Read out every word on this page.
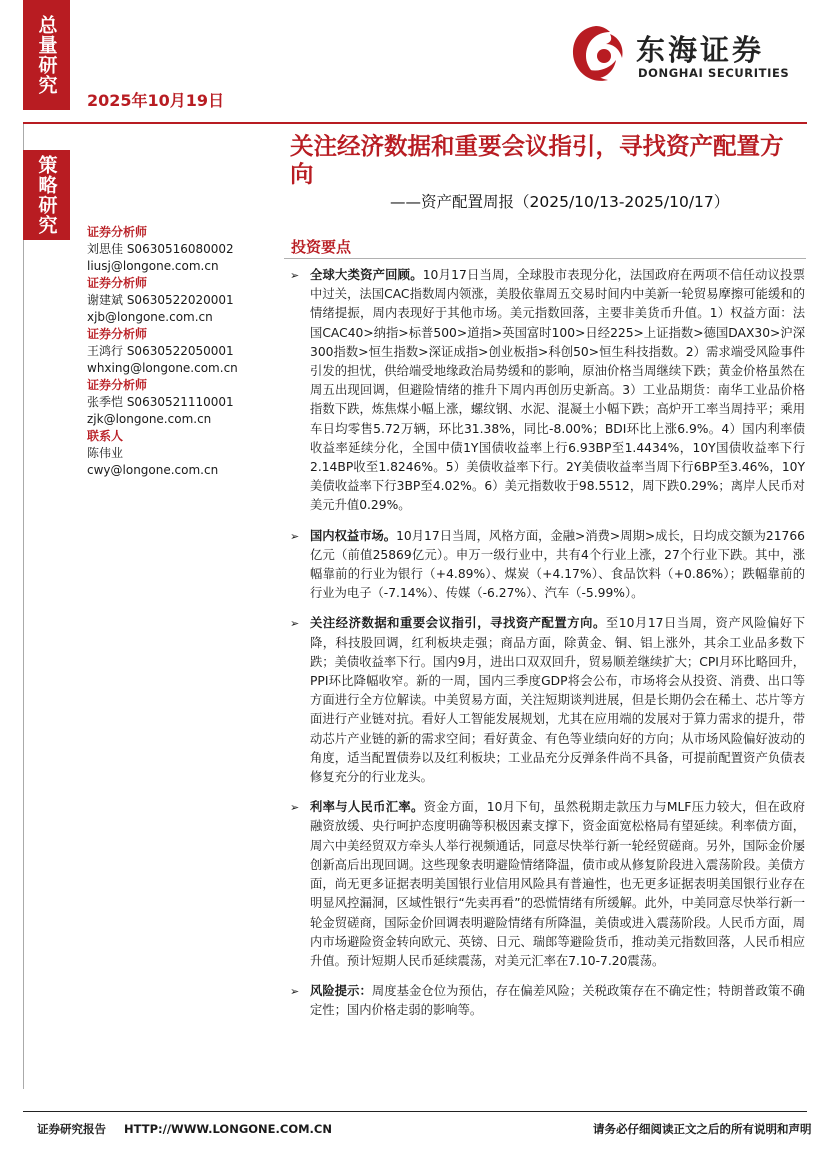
总量研究
2025年10月19日
策略研究
东海证券
DONGHAI SECURITIES
关注经济数据和重要会议指引，寻找资产配置方向
——资产配置周报（2025/10/13-2025/10/17）
证券分析师
刘思佳 S0630516080002
liusj@longone.com.cn
证券分析师
谢建斌 S0630522020001
xjb@longone.com.cn
证券分析师
王鸿行 S0630522050001
whxing@longone.com.cn
证券分析师
张季恺 S0630521110001
zjk@longone.com.cn
联系人
陈伟业
cwy@longone.com.cn
投资要点
➢ 全球大类资产回顾。10月17日当周，全球股市表现分化，法国政府在两项不信任动议投票中过关，法国CAC指数周内领涨，美股依靠周五交易时间内中美新一轮贸易摩擦可能缓和的情绪提振，周内表现好于其他市场。美元指数回落，主要非美货币升值。1）权益方面：法国CAC40>纳指>标普500>道指>英国富时100>日经225>上证指数>德国DAX30>沪深300指数>恒生指数>深证成指>创业板指>科创50>恒生科技指数。2）需求端受风险事件引发的担忧，供给端受地缘政治局势缓和的影响，原油价格当周继续下跌；黄金价格虽然在周五出现回调，但避险情绪的推升下周内再创历史新高。3）工业品期货：南华工业品价格指数下跌，炼焦煤小幅上涨，螺纹钢、水泥、混凝土小幅下跌；高炉开工率当周持平；乘用车日均零售5.72万辆，环比31.38%，同比-8.00%；BDI环比上涨6.9%。4）国内利率债收益率延续分化，全国中债1Y国债收益率上行6.93BP至1.4434%，10Y国债收益率下行2.14BP收至1.8246%。5）美债收益率下行。2Y美债收益率当周下行6BP至3.46%，10Y美债收益率下行3BP至4.02%。6）美元指数收于98.5512，周下跌0.29%；离岸人民币对美元升值0.29%。
➢ 国内权益市场。10月17日当周，风格方面，金融>消费>周期>成长，日均成交额为21766亿元（前值25869亿元）。申万一级行业中，共有4个行业上涨，27个行业下跌。其中，涨幅靠前的行业为银行（+4.89%）、煤炭（+4.17%）、食品饮料（+0.86%）；跌幅靠前的行业为电子（-7.14%）、传媒（-6.27%）、汽车（-5.99%）。
➢ 关注经济数据和重要会议指引，寻找资产配置方向。至10月17日当周，资产风险偏好下降，科技股回调，红利板块走强；商品方面，除黄金、铜、铝上涨外，其余工业品多数下跌；美债收益率下行。国内9月，进出口双双回升，贸易顺差继续扩大；CPI月环比略回升，PPI环比降幅收窄。新的一周，国内三季度GDP将会公布，市场将会从投资、消费、出口等方面进行全方位解读。中美贸易方面，关注短期谈判进展，但是长期仍会在稀土、芯片等方面进行产业链对抗。看好人工智能发展规划，尤其在应用端的发展对于算力需求的提升，带动芯片产业链的新的需求空间；看好黄金、有色等业绩向好的方向；从市场风险偏好波动的角度，适当配置债券以及红利板块；工业品充分反弹条件尚不具备，可提前配置资产负债表修复充分的行业龙头。
➢ 利率与人民币汇率。资金方面，10月下旬，虽然税期走款压力与MLF压力较大，但在政府融资放缓、央行呵护态度明确等积极因素支撑下，资金面宽松格局有望延续。利率债方面，周六中美经贸双方牵头人举行视频通话，同意尽快举行新一轮经贸磋商。另外，国际金价屡创新高后出现回调。这些现象表明避险情绪降温，债市或从修复阶段进入震荡阶段。美债方面，尚无更多证据表明美国银行业信用风险具有普遍性，也无更多证据表明美国银行业存在明显风控漏洞，区域性银行“先卖再看”的恐慌情绪有所缓解。此外，中美同意尽快举行新一轮金贸磋商，国际金价回调表明避险情绪有所降温，美债或进入震荡阶段。人民币方面，周内市场避险资金转向欧元、英镑、日元、瑞郎等避险货币，推动美元指数回落，人民币相应升值。预计短期人民币延续震荡，对美元汇率在7.10-7.20震荡。
➢ 风险提示：周度基金仓位为预估，存在偏差风险；关税政策存在不确定性；特朗普政策不确定性；国内价格走弱的影响等。
证券研究报告 HTTP://WWW.LONGONE.COM.CN	请务必仔细阅读正文之后的所有说明和声明
